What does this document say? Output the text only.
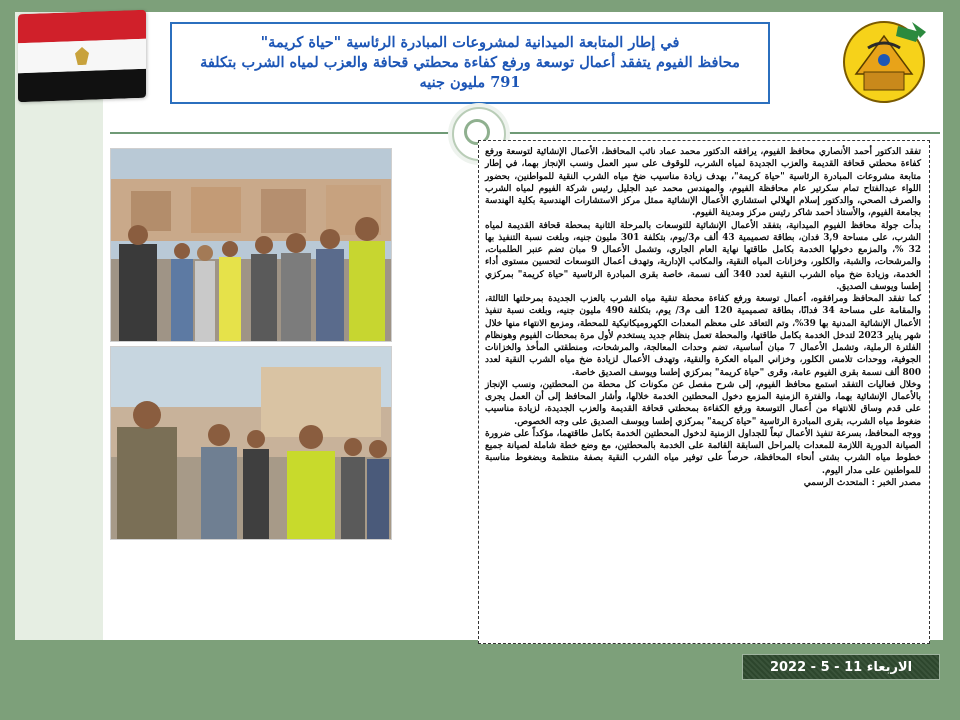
في إطار المتابعة الميدانية لمشروعات المبادرة الرئاسية "حياة كريمة"
محافظ الفيوم يتفقد أعمال توسعة ورفع كفاءة محطتي قحافة والعزب لمياه الشرب بتكلفة 791 مليون جنيه

تفقد الدكتور أحمد الأنصاري محافظ الفيوم، يرافقه الدكتور محمد عماد نائب المحافظ، الأعمال الإنشائية لتوسعة ورفع كفاءة محطتي قحافة القديمة والعزب الجديدة لمياه الشرب، للوقوف على سير العمل ونسب الإنجاز بهما، في إطار متابعة مشروعات المبادرة الرئاسية "حياة كريمة"، بهدف زيادة مناسيب ضخ مياه الشرب النقية للمواطنين، بحضور اللواء عبدالفتاح تمام سكرتير عام محافظة الفيوم، والمهندس محمد عبد الجليل رئيس شركة الفيوم لمياه الشرب والصرف الصحي، والدكتور إسلام الهلالي استشاري الأعمال الإنشائية ممثل مركز الاستشارات الهندسية بكلية الهندسة بجامعة الفيوم، والأستاذ أحمد شاكر رئيس مركز ومدينة الفيوم.

بدأت جولة محافظ الفيوم الميدانية، بتفقد الأعمال الإنشائية للتوسعات بالمرحلة الثانية بمحطة قحافة القديمة لمياه الشرب، على مساحة 3,9 فدان، بطاقة تصميمية 43 ألف م3/يوم، بتكلفة 301 مليون جنيه، وبلغت نسبة التنفيذ بها 32 %، والمزمع دخولها الخدمة بكامل طاقتها نهاية العام الجاري، وتشمل الأعمال 9 مبان تضم عنبر الطلمبات، والمرشحات، والشبة، والكلور، وخزانات المياه النقية، والمكاتب الإدارية، وتهدف أعمال التوسعات لتحسين مستوى أداء الخدمة، وزيادة ضخ مياه الشرب النقية لعدد 340 ألف نسمة، خاصة بقرى المبادرة الرئاسية "حياة كريمة" بمركزي إطسا ويوسف الصديق.

كما تفقد المحافظ ومرافقوه، أعمال توسعة ورفع كفاءة محطة تنقية مياه الشرب بالعزب الجديدة بمرحلتها الثالثة، والمقامة على مساحة 34 فدانًا، بطاقة تصميمية 120 ألف م3/ يوم، بتكلفة 490 مليون جنيه، وبلغت نسبة تنفيذ الأعمال الإنشائية المدنية بها 39%، وتم التعاقد على معظم المعدات الكهروميكانيكية للمحطة، ومزمع الانتهاء منها خلال شهر يناير 2023 لتدخل الخدمة بكامل طاقتها، والمحطة تعمل بنظام جديد يستخدم لأول مرة بمحطات الفيوم وهونظام الفلترة الرملية، وتشمل الأعمال 7 مبان أساسية، تضم وحدات المعالجة، والمرشحات، ومنطقتي المأخذ والخزانات الجوفية، ووحدات تلامس الكلور، وخزاني المياه العكرة والنقية، وتهدف الأعمال لزيادة ضخ مياه الشرب النقية لعدد 800 ألف نسمة بقرى الفيوم عامة، وقرى "حياة كريمة" بمركزي إطسا ويوسف الصديق خاصة.

وخلال فعاليات التفقد استمع محافظ الفيوم، إلى شرح مفصل عن مكونات كل محطة من المحطتين، ونسب الإنجاز بالأعمال الإنشائية بهما، والفترة الزمنية المزمع دخول المحطتين الخدمة خلالها، وأشار المحافظ إلى أن العمل يجرى على قدم وساق للانتهاء من أعمال التوسعة ورفع الكفاءة بمحطتي قحافة القديمة والعزب الجديدة، لزيادة مناسيب ضغوط مياه الشرب، بقرى المبادرة الرئاسية "حياة كريمة" بمركزي إطسا ويوسف الصديق على وجه الخصوص.

ووجه المحافظ، بسرعة تنفيذ الأعمال تبعاً للجداول الزمنية لدخول المحطتين الخدمة بكامل طاقتهما، مؤكداً على ضرورة الصيانة الدورية اللازمة للمعدات بالمراحل السابقة القائمة على الخدمة بالمحطتين، مع وضع خطة شاملة لصيانة جميع خطوط مياه الشرب بشتى أنحاء المحافظة، حرصاً على توفير مياه الشرب النقية بصفة منتظمة وبضغوط مناسبة للمواطنين على مدار اليوم.

مصدر الخبر : المتحدث الرسمي

الاربعاء 11 - 5 - 2022
